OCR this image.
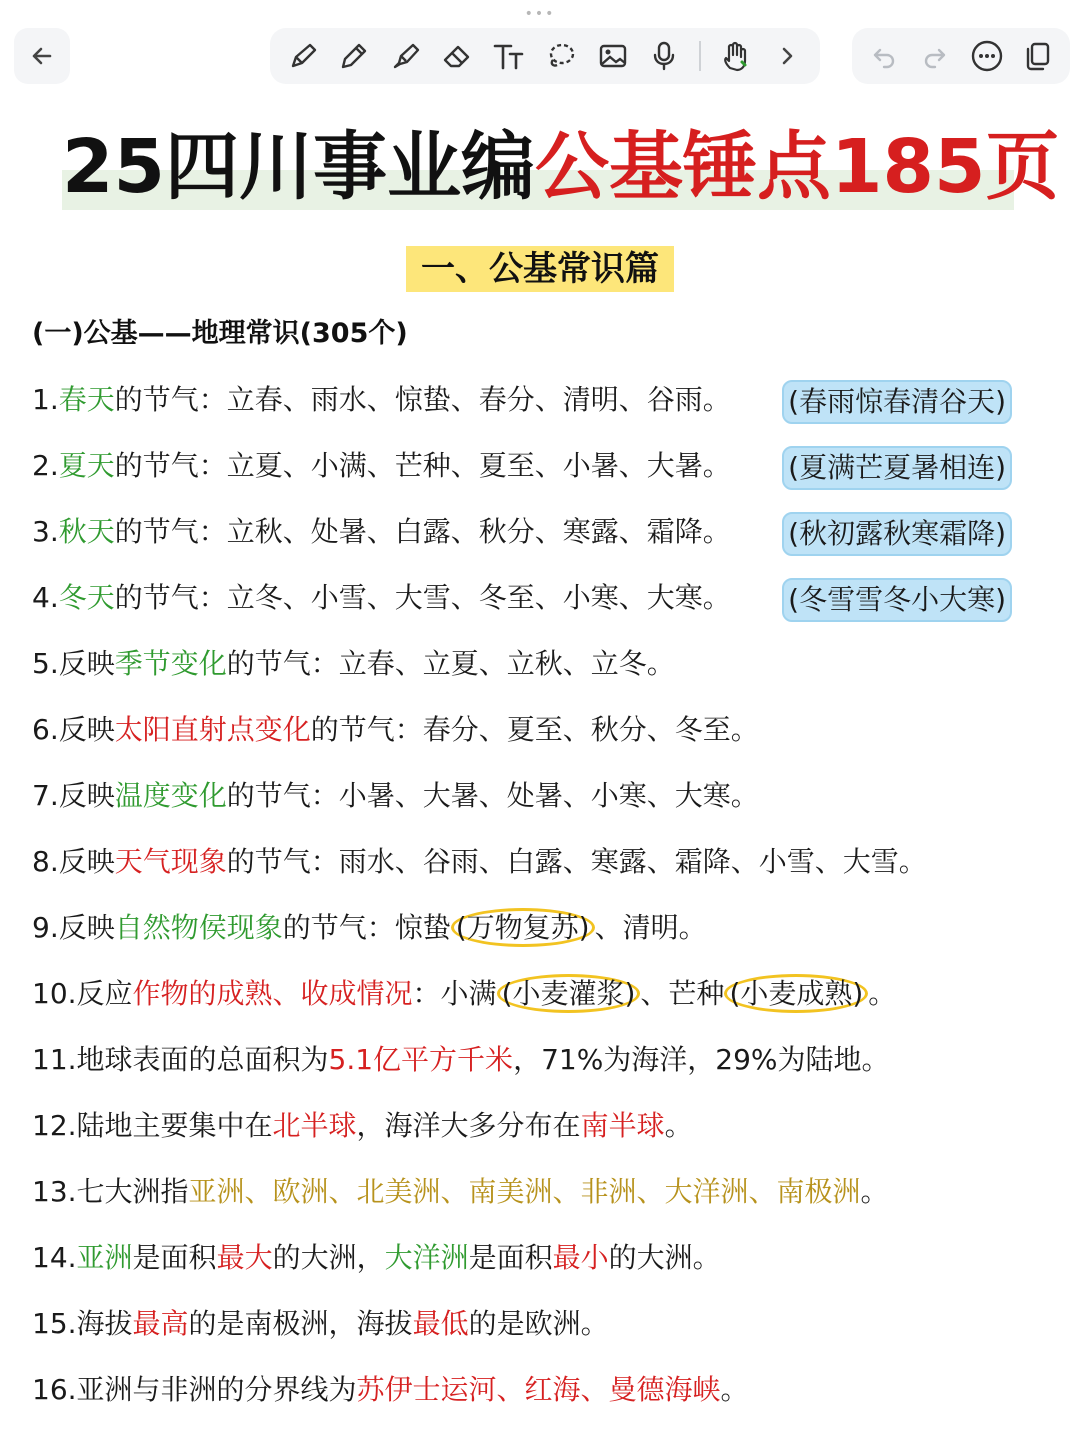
•••
25四川事业编公基锤点185页
一、公基常识篇
(一)公基——地理常识(305个)
1.春天的节气：立春、雨水、惊蛰、春分、清明、谷雨。 (春雨惊春清谷天)
2.夏天的节气：立夏、小满、芒种、夏至、小暑、大暑。 (夏满芒夏暑相连)
3.秋天的节气：立秋、处暑、白露、秋分、寒露、霜降。 (秋初露秋寒霜降)
4.冬天的节气：立冬、小雪、大雪、冬至、小寒、大寒。 (冬雪雪冬小大寒)
5.反映季节变化的节气：立春、立夏、立秋、立冬。
6.反映太阳直射点变化的节气：春分、夏至、秋分、冬至。
7.反映温度变化的节气：小暑、大暑、处暑、小寒、大寒。
8.反映天气现象的节气：雨水、谷雨、白露、寒露、霜降、小雪、大雪。
9.反映自然物侯现象的节气：惊蛰 (万物复苏) 、清明。
10.反应作物的成熟、收成情况：小满 (小麦灌浆) 、芒种 (小麦成熟) 。
11.地球表面的总面积为5.1亿平方千米，71%为海洋，29%为陆地。
12.陆地主要集中在北半球，海洋大多分布在南半球。
13.七大洲指亚洲、欧洲、北美洲、南美洲、非洲、大洋洲、南极洲。
14.亚洲是面积最大的大洲，大洋洲是面积最小的大洲。
15.海拔最高的是南极洲，海拔最低的是欧洲。
16.亚洲与非洲的分界线为苏伊士运河、红海、曼德海峡。
